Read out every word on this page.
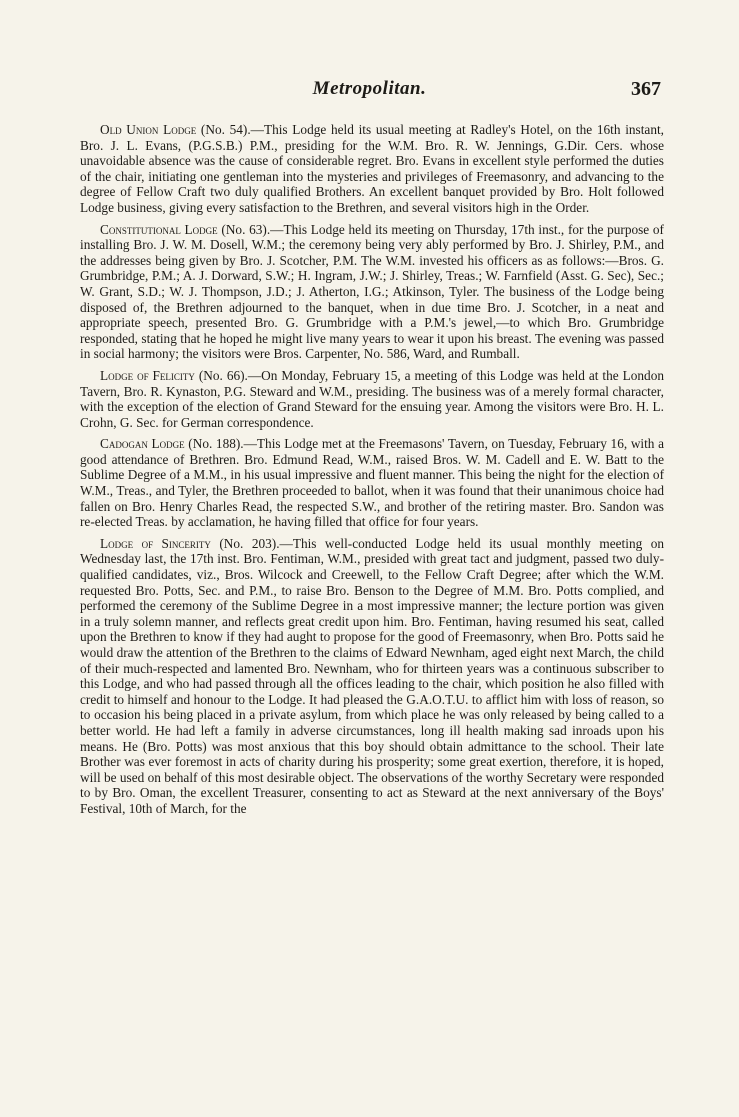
Metropolitan.	367

Old Union Lodge (No. 54).—This Lodge held its usual meeting at Radley's Hotel, on the 16th instant, Bro. J. L. Evans, (P.G.S.B.) P.M., presiding for the W.M. Bro. R. W. Jennings, G.Dir. Cers. whose unavoidable absence was the cause of considerable regret. Bro. Evans in excellent style performed the duties of the chair, initiating one gentleman into the mysteries and privileges of Freemasonry, and advancing to the degree of Fellow Craft two duly qualified Brothers. An excellent banquet provided by Bro. Holt followed Lodge business, giving every satisfaction to the Brethren, and several visitors high in the Order.

Constitutional Lodge (No. 63).—This Lodge held its meeting on Thursday, 17th inst., for the purpose of installing Bro. J. W. M. Dosell, W.M.; the ceremony being very ably performed by Bro. J. Shirley, P.M., and the addresses being given by Bro. J. Scotcher, P.M. The W.M. invested his officers as as follows:—Bros. G. Grumbridge, P.M.; A. J. Dorward, S.W.; H. Ingram, J.W.; J. Shirley, Treas.; W. Farnfield (Asst. G. Sec), Sec.; W. Grant, S.D.; W. J. Thompson, J.D.; J. Atherton, I.G.; Atkinson, Tyler. The business of the Lodge being disposed of, the Brethren adjourned to the banquet, when in due time Bro. J. Scotcher, in a neat and appropriate speech, presented Bro. G. Grumbridge with a P.M.'s jewel,—to which Bro. Grumbridge responded, stating that he hoped he might live many years to wear it upon his breast. The evening was passed in social harmony; the visitors were Bros. Carpenter, No. 586, Ward, and Rumball.

Lodge of Felicity (No. 66).—On Monday, February 15, a meeting of this Lodge was held at the London Tavern, Bro. R. Kynaston, P.G. Steward and W.M., presiding. The business was of a merely formal character, with the exception of the election of Grand Steward for the ensuing year. Among the visitors were Bro. H. L. Crohn, G. Sec. for German correspondence.

Cadogan Lodge (No. 188).—This Lodge met at the Freemasons' Tavern, on Tuesday, February 16, with a good attendance of Brethren. Bro. Edmund Read, W.M., raised Bros. W. M. Cadell and E. W. Batt to the Sublime Degree of a M.M., in his usual impressive and fluent manner. This being the night for the election of W.M., Treas., and Tyler, the Brethren proceeded to ballot, when it was found that their unanimous choice had fallen on Bro. Henry Charles Read, the respected S.W., and brother of the retiring master. Bro. Sandon was re-elected Treas. by acclamation, he having filled that office for four years.

Lodge of Sincerity (No. 203).—This well-conducted Lodge held its usual monthly meeting on Wednesday last, the 17th inst. Bro. Fentiman, W.M., presided with great tact and judgment, passed two duly-qualified candidates, viz., Bros. Wilcock and Creewell, to the Fellow Craft Degree; after which the W.M. requested Bro. Potts, Sec. and P.M., to raise Bro. Benson to the Degree of M.M. Bro. Potts complied, and performed the ceremony of the Sublime Degree in a most impressive manner; the lecture portion was given in a truly solemn manner, and reflects great credit upon him. Bro. Fentiman, having resumed his seat, called upon the Brethren to know if they had aught to propose for the good of Freemasonry, when Bro. Potts said he would draw the attention of the Brethren to the claims of Edward Newnham, aged eight next March, the child of their much-respected and lamented Bro. Newnham, who for thirteen years was a continuous subscriber to this Lodge, and who had passed through all the offices leading to the chair, which position he also filled with credit to himself and honour to the Lodge. It had pleased the G.A.O.T.U. to afflict him with loss of reason, so to occasion his being placed in a private asylum, from which place he was only released by being called to a better world. He had left a family in adverse circumstances, long ill health making sad inroads upon his means. He (Bro. Potts) was most anxious that this boy should obtain admittance to the school. Their late Brother was ever foremost in acts of charity during his prosperity; some great exertion, therefore, it is hoped, will be used on behalf of this most desirable object. The observations of the worthy Secretary were responded to by Bro. Oman, the excellent Treasurer, consenting to act as Steward at the next anniversary of the Boys' Festival, 10th of March, for the
